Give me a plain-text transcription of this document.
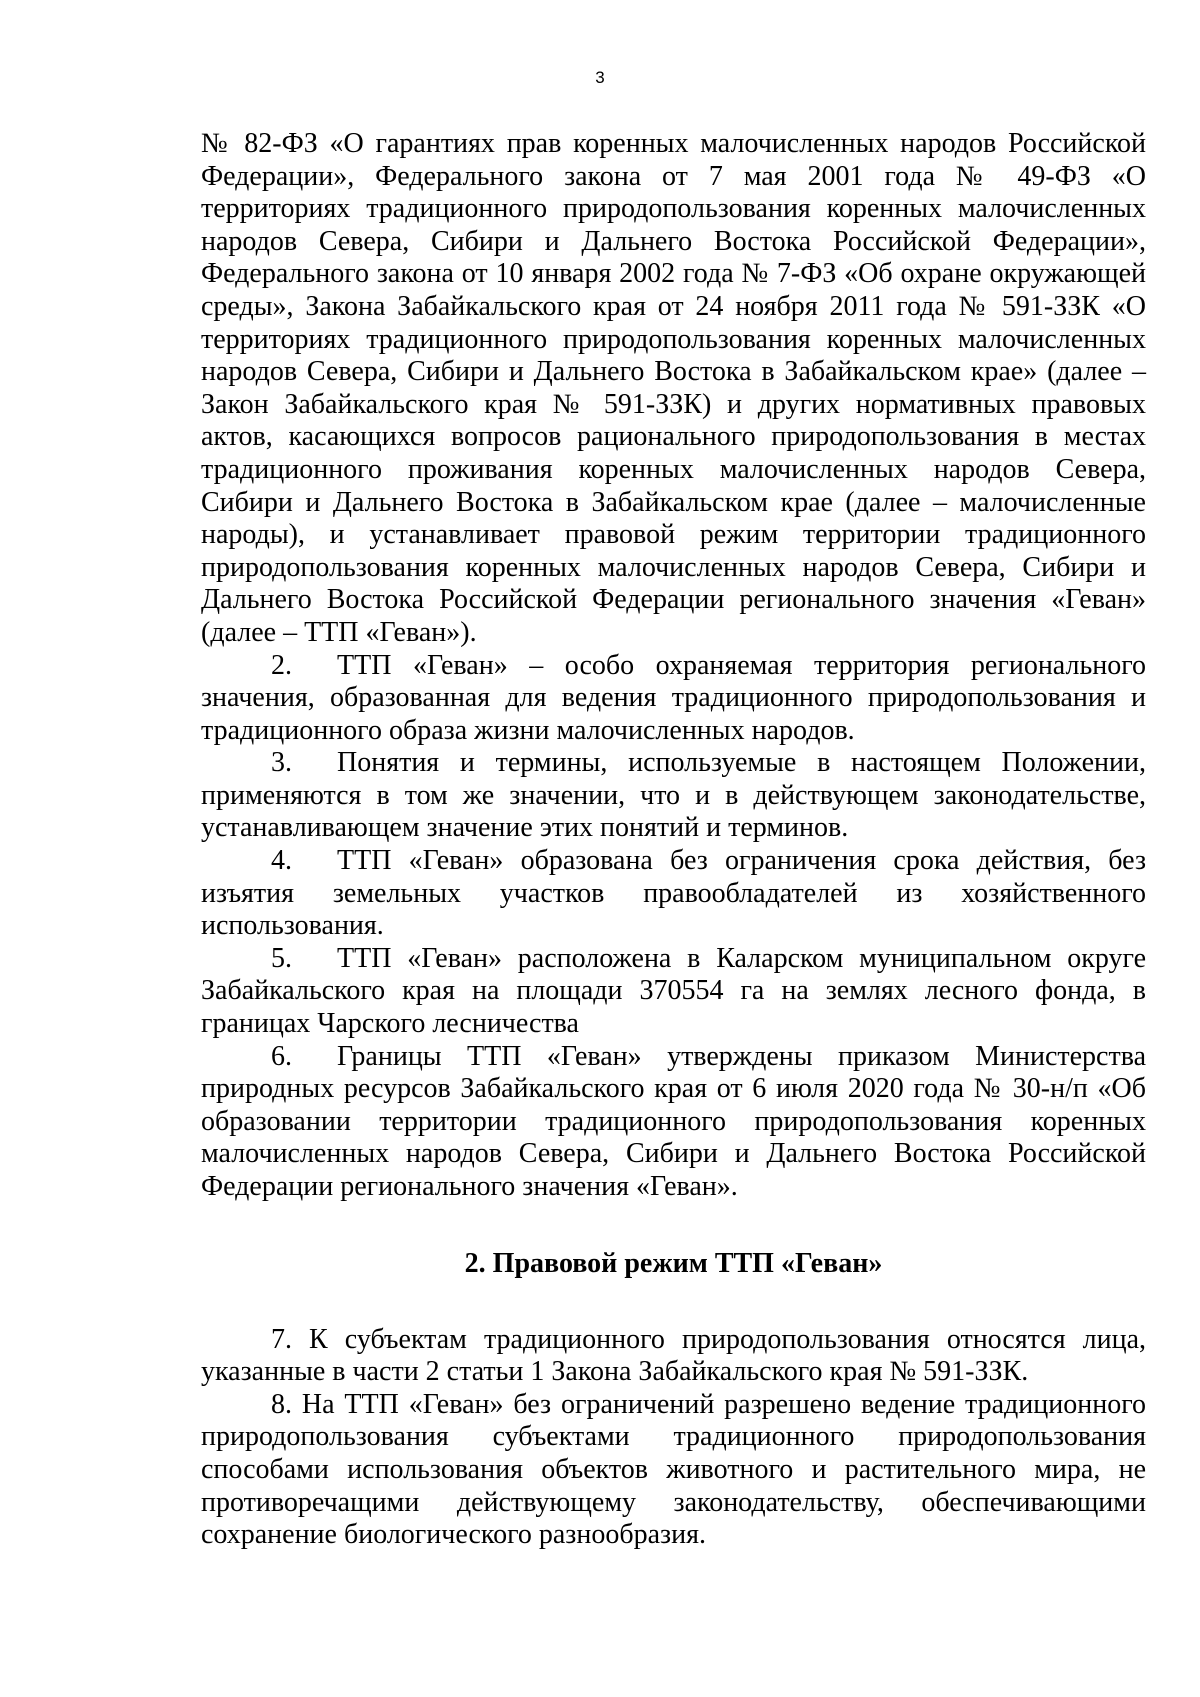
3

№ 82-ФЗ «О гарантиях прав коренных малочисленных народов Российской Федерации», Федерального закона от 7 мая 2001 года № 49-ФЗ «О территориях традиционного природопользования коренных малочисленных народов Севера, Сибири и Дальнего Востока Российской Федерации», Федерального закона от 10 января 2002 года № 7-ФЗ «Об охране окружающей среды», Закона Забайкальского края от 24 ноября 2011 года № 591-ЗЗК «О территориях традиционного природопользования коренных малочисленных народов Севера, Сибири и Дальнего Востока в Забайкальском крае» (далее – Закон Забайкальского края № 591-ЗЗК) и других нормативных правовых актов, касающихся вопросов рационального природопользования в местах традиционного проживания коренных малочисленных народов Севера, Сибири и Дальнего Востока в Забайкальском крае (далее – малочисленные народы), и устанавливает правовой режим территории традиционного природопользования коренных малочисленных народов Севера, Сибири и Дальнего Востока Российской Федерации регионального значения «Геван» (далее – ТТП «Геван»).

2. ТТП «Геван» – особо охраняемая территория регионального значения, образованная для ведения традиционного природопользования и традиционного образа жизни малочисленных народов.

3. Понятия и термины, используемые в настоящем Положении, применяются в том же значении, что и в действующем законодательстве, устанавливающем значение этих понятий и терминов.

4. ТТП «Геван» образована без ограничения срока действия, без изъятия земельных участков правообладателей из хозяйственного использования.

5. ТТП «Геван» расположена в Каларском муниципальном округе Забайкальского края на площади 370554 га на землях лесного фонда, в границах Чарского лесничества

6. Границы ТТП «Геван» утверждены приказом Министерства природных ресурсов Забайкальского края от 6 июля 2020 года № 30-н/п «Об образовании территории традиционного природопользования коренных малочисленных народов Севера, Сибири и Дальнего Востока Российской Федерации регионального значения «Геван».

2. Правовой режим ТТП «Геван»

7. К субъектам традиционного природопользования относятся лица, указанные в части 2 статьи 1 Закона Забайкальского края № 591-ЗЗК.

8. На ТТП «Геван» без ограничений разрешено ведение традиционного природопользования субъектами традиционного природопользования способами использования объектов животного и растительного мира, не противоречащими действующему законодательству, обеспечивающими сохранение биологического разнообразия.
